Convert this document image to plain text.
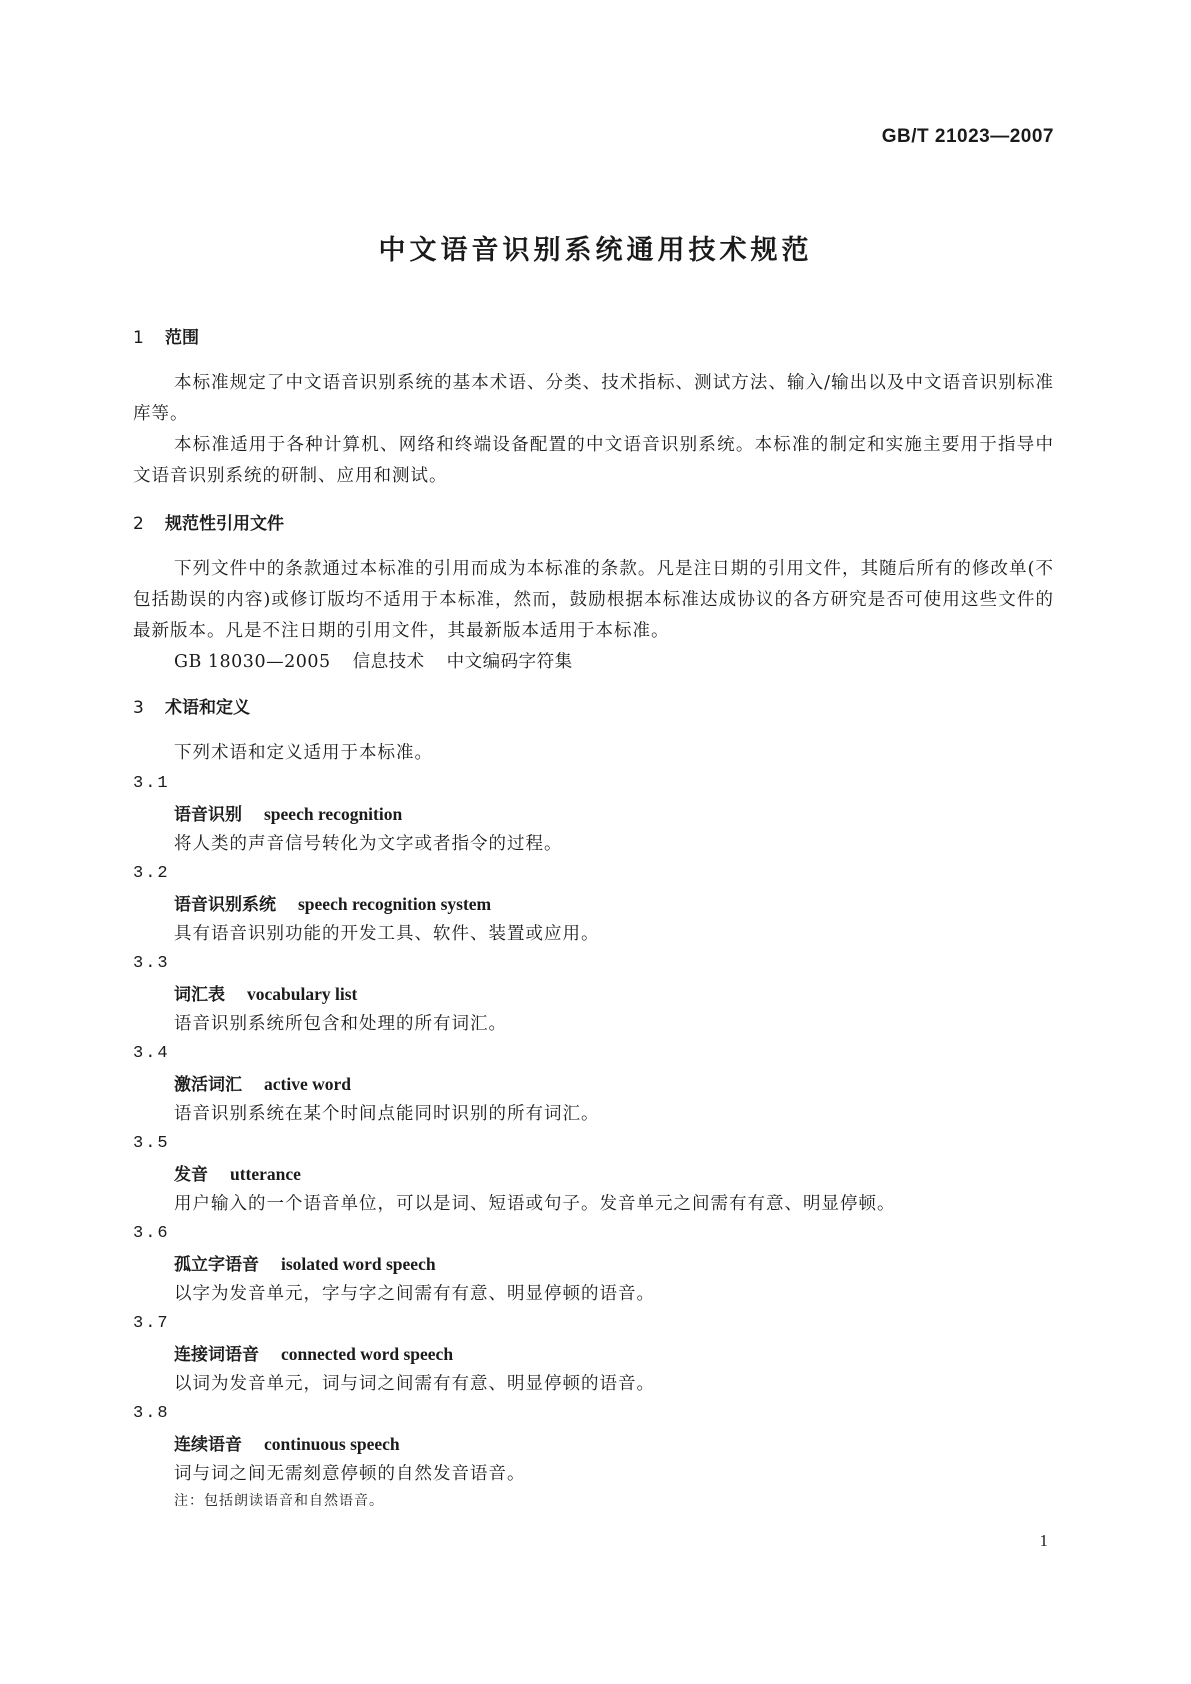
GB/T 21023—2007
中文语音识别系统通用技术规范
1 范围
本标准规定了中文语音识别系统的基本术语、分类、技术指标、测试方法、输入/输出以及中文语音识别标准库等。
本标准适用于各种计算机、网络和终端设备配置的中文语音识别系统。本标准的制定和实施主要用于指导中文语音识别系统的研制、应用和测试。
2 规范性引用文件
下列文件中的条款通过本标准的引用而成为本标准的条款。凡是注日期的引用文件，其随后所有的修改单(不包括勘误的内容)或修订版均不适用于本标准，然而，鼓励根据本标准达成协议的各方研究是否可使用这些文件的最新版本。凡是不注日期的引用文件，其最新版本适用于本标准。
GB 18030—2005 信息技术 中文编码字符集
3 术语和定义
下列术语和定义适用于本标准。
3.1
语音识别 speech recognition
将人类的声音信号转化为文字或者指令的过程。
3.2
语音识别系统 speech recognition system
具有语音识别功能的开发工具、软件、装置或应用。
3.3
词汇表 vocabulary list
语音识别系统所包含和处理的所有词汇。
3.4
激活词汇 active word
语音识别系统在某个时间点能同时识别的所有词汇。
3.5
发音 utterance
用户输入的一个语音单位，可以是词、短语或句子。发音单元之间需有有意、明显停顿。
3.6
孤立字语音 isolated word speech
以字为发音单元，字与字之间需有有意、明显停顿的语音。
3.7
连接词语音 connected word speech
以词为发音单元，词与词之间需有有意、明显停顿的语音。
3.8
连续语音 continuous speech
词与词之间无需刻意停顿的自然发音语音。
注：包括朗读语音和自然语音。
1
